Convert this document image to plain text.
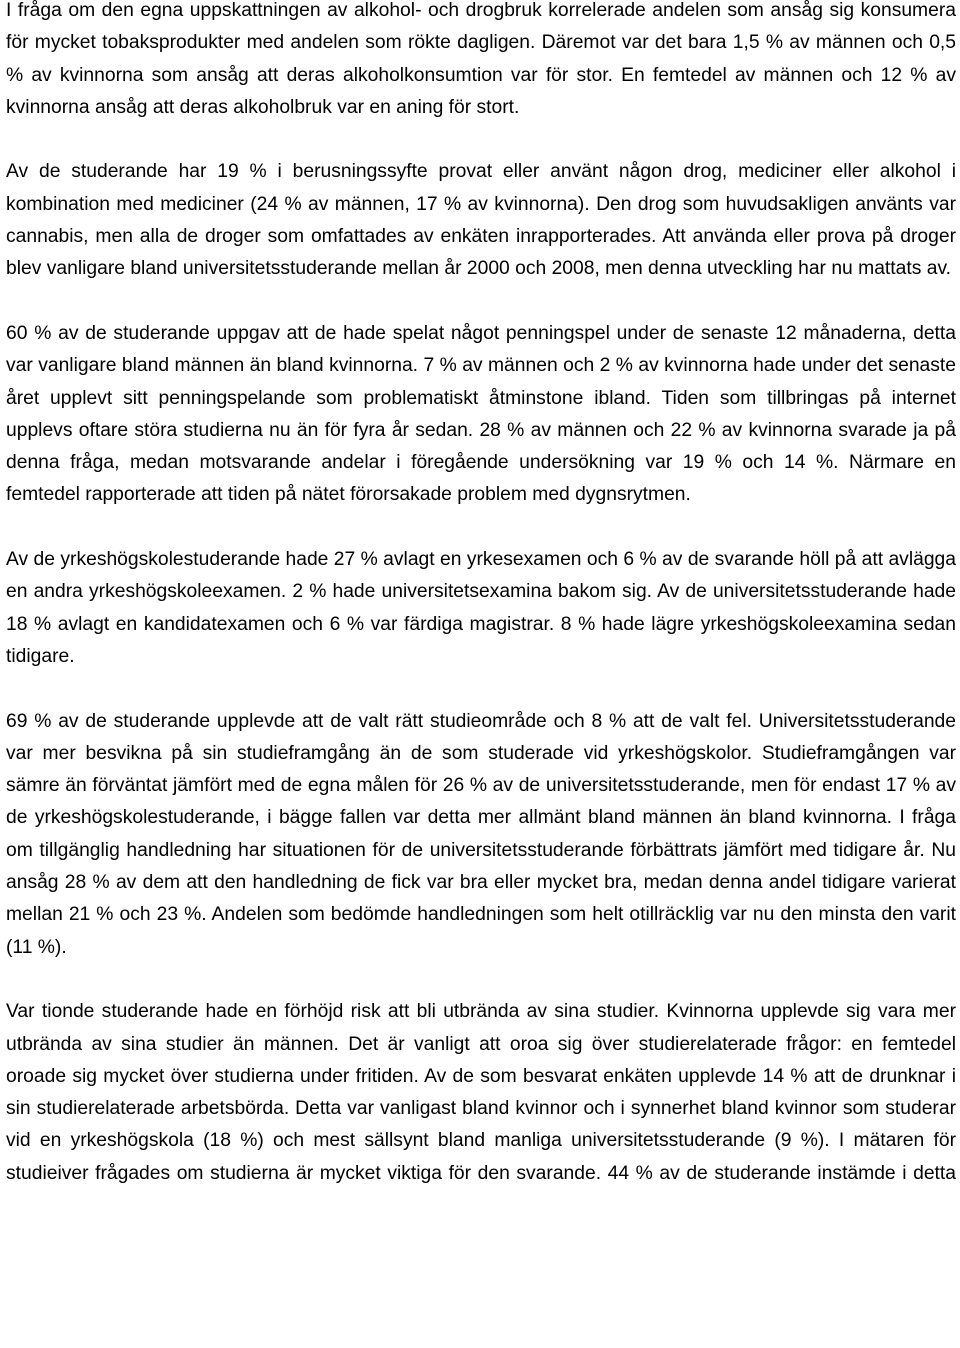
I fråga om den egna uppskattningen av alkohol- och drogbruk korrelerade andelen som ansåg sig konsumera för mycket tobaksprodukter med andelen som rökte dagligen. Däremot var det bara 1,5 % av männen och 0,5 % av kvinnorna som ansåg att deras alkoholkonsumtion var för stor. En femtedel av männen och 12 % av kvinnorna ansåg att deras alkoholbruk var en aning för stort.

Av de studerande har 19 % i berusningssyfte provat eller använt någon drog, mediciner eller alkohol i kombination med mediciner (24 % av männen, 17 % av kvinnorna). Den drog som huvudsakligen använts var cannabis, men alla de droger som omfattades av enkäten inrapporterades. Att använda eller prova på droger blev vanligare bland universitetsstuderande mellan år 2000 och 2008, men denna utveckling har nu mattats av.

60 % av de studerande uppgav att de hade spelat något penningspel under de senaste 12 månaderna, detta var vanligare bland männen än bland kvinnorna. 7 % av männen och 2 % av kvinnorna hade under det senaste året upplevt sitt penningspelande som problematiskt åtminstone ibland. Tiden som tillbringas på internet upplevs oftare störa studierna nu än för fyra år sedan. 28 % av männen och 22 % av kvinnorna svarade ja på denna fråga, medan motsvarande andelar i föregående undersökning var 19 % och 14 %. Närmare en femtedel rapporterade att tiden på nätet förorsakade problem med dygnsrytmen.

Av de yrkeshögskolestuderande hade 27 % avlagt en yrkesexamen och 6 % av de svarande höll på att avlägga en andra yrkeshögskoleexamen. 2 % hade universitetsexamina bakom sig. Av de universitetsstuderande hade 18 % avlagt en kandidatexamen och 6 % var färdiga magistrar. 8 % hade lägre yrkeshögskoleexamina sedan tidigare.

69 % av de studerande upplevde att de valt rätt studieområde och 8 % att de valt fel. Universitetsstuderande var mer besvikna på sin studieframgång än de som studerade vid yrkeshögskolor. Studieframgången var sämre än förväntat jämfört med de egna målen för 26 % av de universitetsstuderande, men för endast 17 % av de yrkeshögskolestuderande, i bägge fallen var detta mer allmänt bland männen än bland kvinnorna. I fråga om tillgänglig handledning har situationen för de universitetsstuderande förbättrats jämfört med tidigare år. Nu ansåg 28 % av dem att den handledning de fick var bra eller mycket bra, medan denna andel tidigare varierat mellan 21 % och 23 %. Andelen som bedömde handledningen som helt otillräcklig var nu den minsta den varit (11 %).

Var tionde studerande hade en förhöjd risk att bli utbrända av sina studier. Kvinnorna upplevde sig vara mer utbrända av sina studier än männen. Det är vanligt att oroa sig över studierelaterade frågor: en femtedel oroade sig mycket över studierna under fritiden. Av de som besvarat enkäten upplevde 14 % att de drunknar i sin studierelaterade arbetsbörda. Detta var vanligast bland kvinnor och i synnerhet bland kvinnor som studerar vid en yrkeshögskola (18 %) och mest sällsynt bland manliga universitetsstuderande (9 %). I mätaren för studieiver frågades om studierna är mycket viktiga för den svarande. 44 % av de studerande instämde i detta
